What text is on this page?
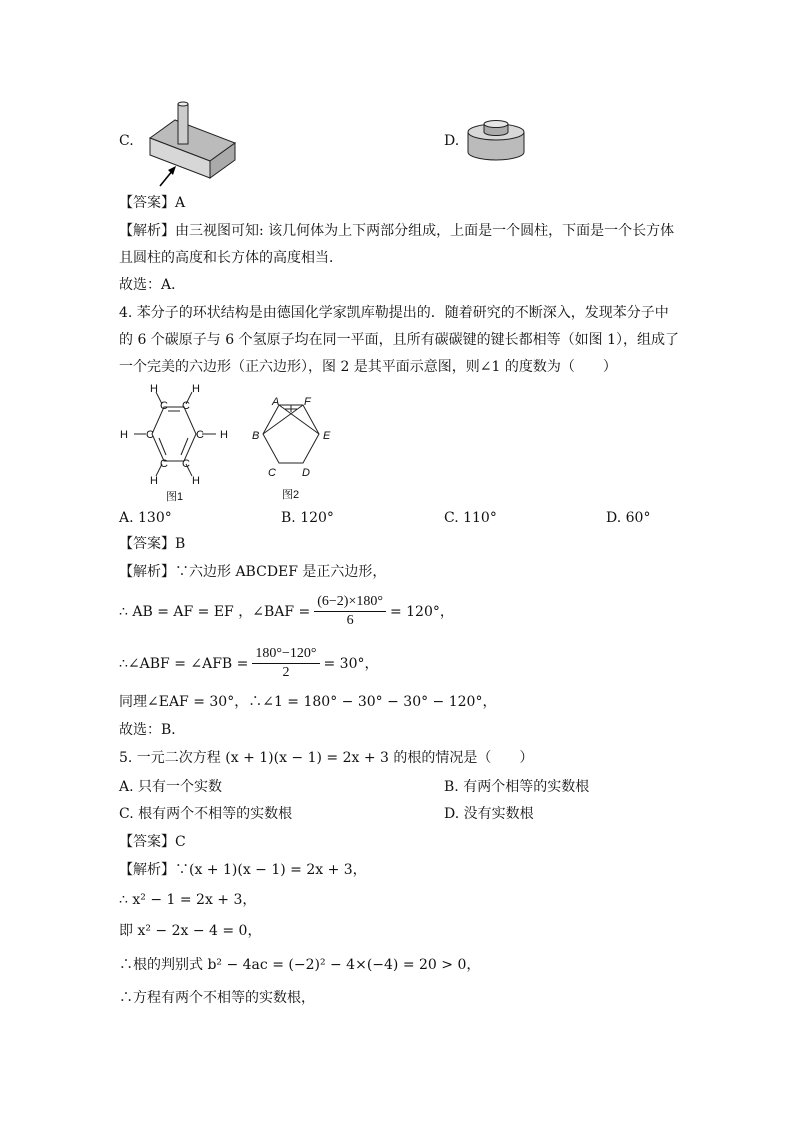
C.	D.
【答案】A
【解析】由三视图可知: 该几何体为上下两部分组成，上面是一个圆柱，下面是一个长方体
且圆柱的高度和长方体的高度相当．
故选：A．
4. 苯分子的环状结构是由德国化学家凯库勒提出的．随着研究的不断深入，发现苯分子中
的 6 个碳原子与 6 个氢原子均在同一平面，且所有碳碳键的键长都相等（如图 1），组成了
一个完美的六边形（正六边形），图 2 是其平面示意图，则∠1 的度数为（　　）
H	H
C C
H C	C H
C C
H	H
图1
A F
B	E
C D
图2
A. 130°	B. 120°	C. 110°	D. 60°
【答案】B
【解析】∵六边形 ABCDEF 是正六边形，
∴ AB = AF = EF ，∠BAF = $\frac{(6-2)\times 180^\circ}{6} = 120^\circ$，
∴∠ABF = ∠AFB = $\frac{180^\circ-120^\circ}{2} = 30^\circ$，
同理∠EAF = 30°，∴∠1 = 180° − 30° − 30° − 120°，
故选：B．
5. 一元二次方程 (x + 1)(x − 1) = 2x + 3 的根的情况是（　　）
A. 只有一个实数	B. 有两个相等的实数根
C. 根有两个不相等的实数根	D. 没有实数根
【答案】C
【解析】∵(x + 1)(x − 1) = 2x + 3，
∴ x² − 1 = 2x + 3，
即 x² − 2x − 4 = 0，
∴根的判别式 b² − 4ac = (−2)² − 4×(−4) = 20 > 0，
∴方程有两个不相等的实数根，
